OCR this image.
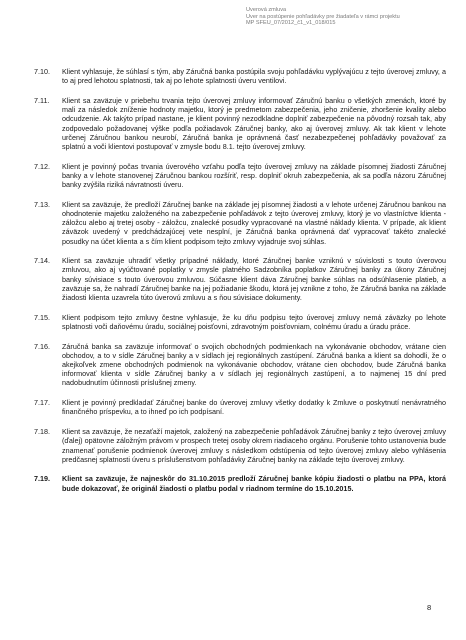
Úverová zmluva
Úver na postúpenie pohľadávky pre žiadateľa v rámci projektu
MP SFEÚ_07/2012_č1_v1_018/015
7.10.	Klient vyhlasuje, že súhlasí s tým, aby Záručná banka postúpila svoju pohľadávku vyplývajúcu z tejto úverovej zmluvy, a to aj pred lehotou splatnosti, tak aj po lehote splatnosti úveru ventilovi.
7.11.	Klient sa zaväzuje v priebehu trvania tejto úverovej zmluvy informovať Záručnú banku o všetkých zmenách, ktoré by mali za následok zníženie hodnoty majetku, ktorý je predmetom zabezpečenia, jeho zničenie, zhoršenie kvality alebo odcudzenie. Ak takýto prípad nastane, je klient povinný nezodkladne doplniť zabezpečenie na pôvodný rozsah tak, aby zodpovedalo požadovanej výške podľa požiadavok Záručnej banky, ako aj úverovej zmluvy. Ak tak klient v lehote určenej Záručnou bankou neurobí, Záručná banka je oprávnená časť nezabezpečenej pohľadávky považovať za splatnú a voči klientovi postupovať v zmysle bodu 8.1. tejto úverovej zmluvy.
7.12.	Klient je povinný počas trvania úverového vzťahu podľa tejto úverovej zmluvy na základe písomnej žiadosti Záručnej banky a v lehote stanovenej Záručnou bankou rozšíriť, resp. doplniť okruh zabezpečenia, ak sa podľa názoru Záručnej banky zvýšila riziká návratnosti úveru.
7.13.	Klient sa zaväzuje, že predloží Záručnej banke na základe jej písomnej žiadosti a v lehote určenej Záručnou bankou na ohodnotenie majetku založeného na zabezpečenie pohľadávok z tejto úverovej zmluvy, ktorý je vo vlastníctve klienta - záložcu alebo aj tretej osoby - záložcu, znalecké posudky vypracované na vlastné náklady klienta. V prípade, ak klient záväzok uvedený v predchádzajúcej vete nesplní, je Záručná banka oprávnená dať vypracovať takéto znalecké posudky na účet klienta a s čím klient podpisom tejto zmluvy vyjadruje svoj súhlas.
7.14.	Klient sa zaväzuje uhradiť všetky prípadné náklady, ktoré Záručnej banke vzniknú v súvislosti s touto úverovou zmluvou, ako aj vyúčtované poplatky v zmysle platného Sadzobníka poplatkov Záručnej banky za úkony Záručnej banky súvisiace s touto úverovou zmluvou. Súčasne klient dáva Záručnej banke súhlas na odsúhlasenie platieb, a zaväzuje sa, že nahradí Záručnej banke na jej požiadanie škodu, ktorá jej vznikne z toho, že Záručná banka na základe žiadosti klienta uzavrela túto úverovú zmluvu a s ňou súvisiace dokumenty.
7.15.	Klient podpisom tejto zmluvy čestne vyhlasuje, že ku dňu podpisu tejto úverovej zmluvy nemá záväzky po lehote splatnosti voči daňovému úradu, sociálnej poisťovni, zdravotným poisťovniam, colnému úradu a úradu práce.
7.16.	Záručná banka sa zaväzuje informovať o svojich obchodných podmienkach na vykonávanie obchodov, vrátane cien obchodov, a to v sídle Záručnej banky a v sídlach jej regionálnych zastúpení. Záručná banka a klient sa dohodli, že o akejkoľvek zmene obchodných podmienok na vykonávanie obchodov, vrátane cien obchodov, bude Záručná banka informovať klienta v sídle Záručnej banky a v sídlach jej regionálnych zastúpení, a to najmenej 15 dní pred nadobudnutím účinnosti príslušnej zmeny.
7.17.	Klient je povinný predkladať Záručnej banke do úverovej zmluvy všetky dodatky k Zmluve o poskytnutí nenávratného finančného príspevku, a to ihneď po ich podpísaní.
7.18.	Klient sa zaväzuje, že nezaťaží majetok, založený na zabezpečenie pohľadávok Záručnej banky z tejto úverovej zmluvy (ďalej) opätovne záložným právom v prospech tretej osoby okrem riadiaceho orgánu. Porušenie tohto ustanovenia bude znamenať porušenie podmienok úverovej zmluvy s následkom odstúpenia od tejto úverovej zmluvy alebo vyhlásenia predčasnej splatnosti úveru s príslušenstvom pohľadávky Záručnej banky na základe tejto úverovej zmluvy.
7.19.	Klient sa zaväzuje, že najneskôr do 31.10.2015 predloží Záručnej banke kópiu žiadosti o platbu na PPA, ktorá bude dokazovať, že originál žiadosti o platbu podal v riadnom termíne do 15.10.2015.
8
